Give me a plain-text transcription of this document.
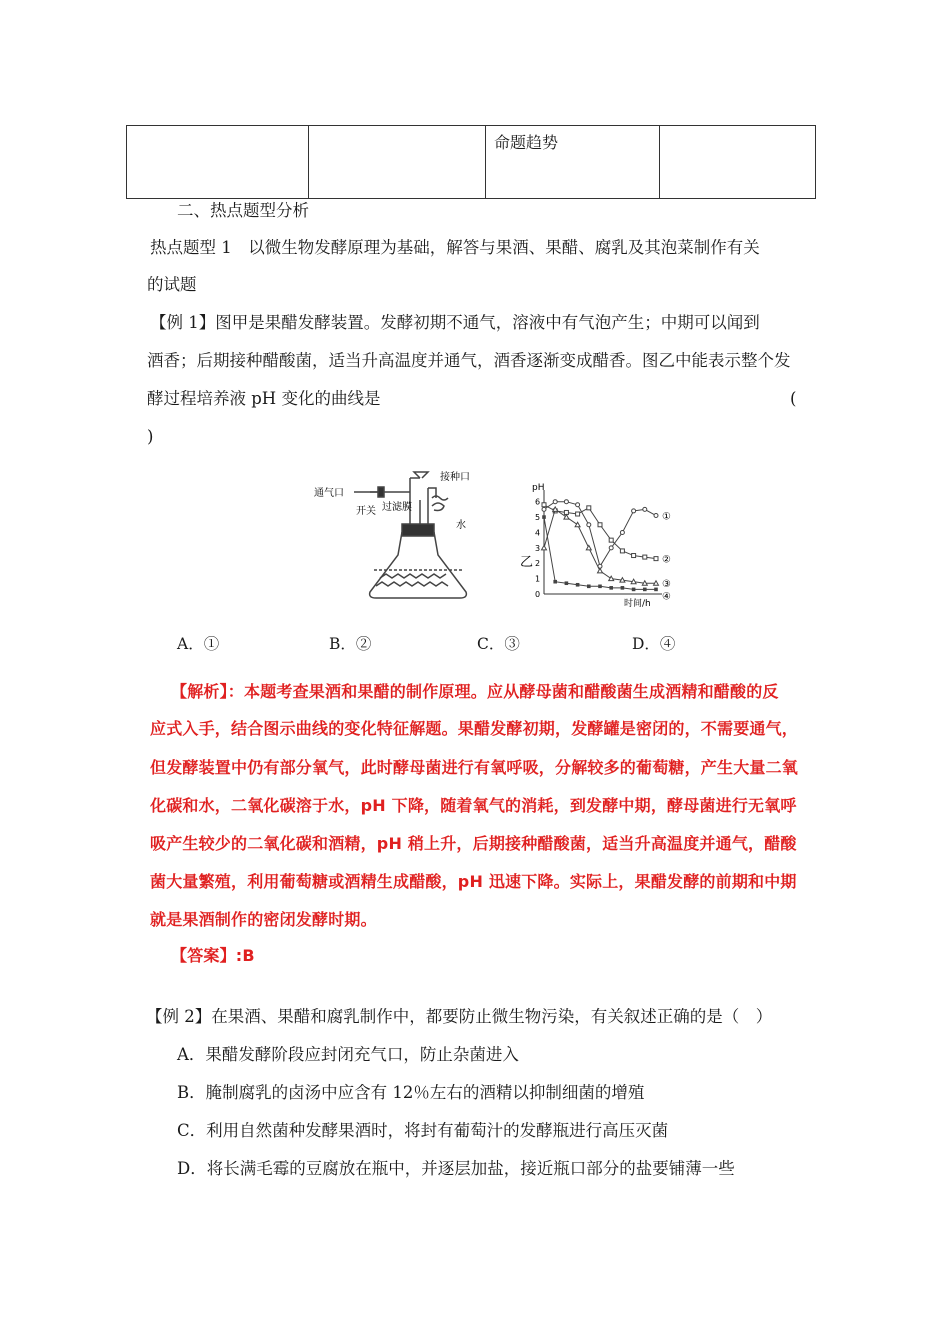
		命题趋势	
二、热点题型分析
热点题型 1　以微生物发酵原理为基础，解答与果酒、果醋、腐乳及其泡菜制作有关
的试题
【例 1】图甲是果醋发酵装置。发酵初期不通气，溶液中有气泡产生；中期可以闻到
酒香；后期接种醋酸菌，适当升高温度并通气，酒香逐渐变成醋香。图乙中能表示整个发
酵过程培养液 pH 变化的曲线是	(
)
通气口
开关 过滤膜
接种口
水
乙
pH
时间/h
6
5
4
3
2
1
0
①
②
③
④
A．①	B．②	C．③	D．④
【解析】：本题考查果酒和果醋的制作原理。应从酵母菌和醋酸菌生成酒精和醋酸的反
应式入手，结合图示曲线的变化特征解题。果醋发酵初期，发酵罐是密闭的，不需要通气，
但发酵装置中仍有部分氧气，此时酵母菌进行有氧呼吸，分解较多的葡萄糖，产生大量二氧
化碳和水，二氧化碳溶于水，pH 下降，随着氧气的消耗，到发酵中期，酵母菌进行无氧呼
吸产生较少的二氧化碳和酒精，pH 稍上升，后期接种醋酸菌，适当升高温度并通气，醋酸
菌大量繁殖，利用葡萄糖或酒精生成醋酸，pH 迅速下降。实际上，果醋发酵的前期和中期
就是果酒制作的密闭发酵时期。
【答案】:B
【例 2】在果酒、果醋和腐乳制作中，都要防止微生物污染，有关叙述正确的是（　）
A．果醋发酵阶段应封闭充气口，防止杂菌进入
B．腌制腐乳的卤汤中应含有 12％左右的酒精以抑制细菌的增殖
C．利用自然菌种发酵果酒时，将封有葡萄汁的发酵瓶进行高压灭菌
D．将长满毛霉的豆腐放在瓶中，并逐层加盐，接近瓶口部分的盐要铺薄一些
